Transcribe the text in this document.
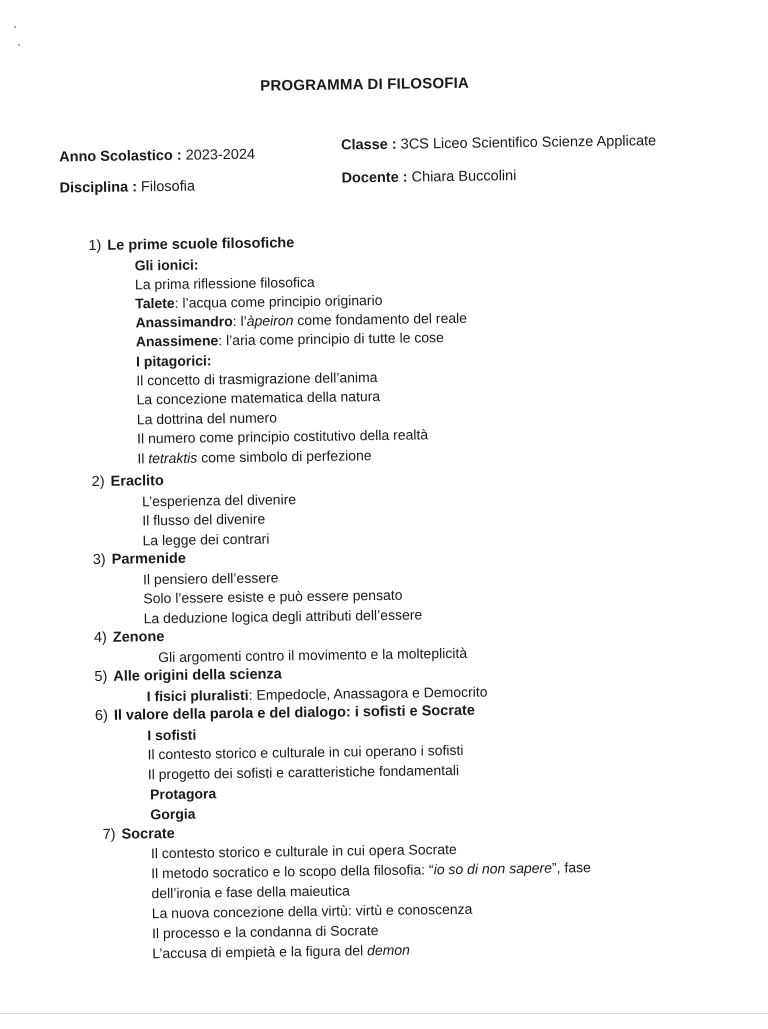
PROGRAMMA DI FILOSOFIA
Anno Scolastico : 2023-2024
Classe : 3CS Liceo Scientifico Scienze Applicate
Disciplina : Filosofia
Docente : Chiara Buccolini
1) Le prime scuole filosofiche
Gli ionici:
La prima riflessione filosofica
Talete: l’acqua come principio originario
Anassimandro: l’àpeiron come fondamento del reale
Anassimene: l’aria come principio di tutte le cose
I pitagorici:
Il concetto di trasmigrazione dell’anima
La concezione matematica della natura
La dottrina del numero
Il numero come principio costitutivo della realtà
Il tetraktis come simbolo di perfezione
2) Eraclito
L’esperienza del divenire
Il flusso del divenire
La legge dei contrari
3) Parmenide
Il pensiero dell’essere
Solo l’essere esiste e può essere pensato
La deduzione logica degli attributi dell’essere
4) Zenone
Gli argomenti contro il movimento e la molteplicità
5) Alle origini della scienza
I fisici pluralisti: Empedocle, Anassagora e Democrito
6) Il valore della parola e del dialogo: i sofisti e Socrate
I sofisti
Il contesto storico e culturale in cui operano i sofisti
Il progetto dei sofisti e caratteristiche fondamentali
Protagora
Gorgia
7) Socrate
Il contesto storico e culturale in cui opera Socrate
Il metodo socratico e lo scopo della filosofia: “io so di non sapere”, fase
dell’ironia e fase della maieutica
La nuova concezione della virtù: virtù e conoscenza
Il processo e la condanna di Socrate
L’accusa di empietà e la figura del demon
